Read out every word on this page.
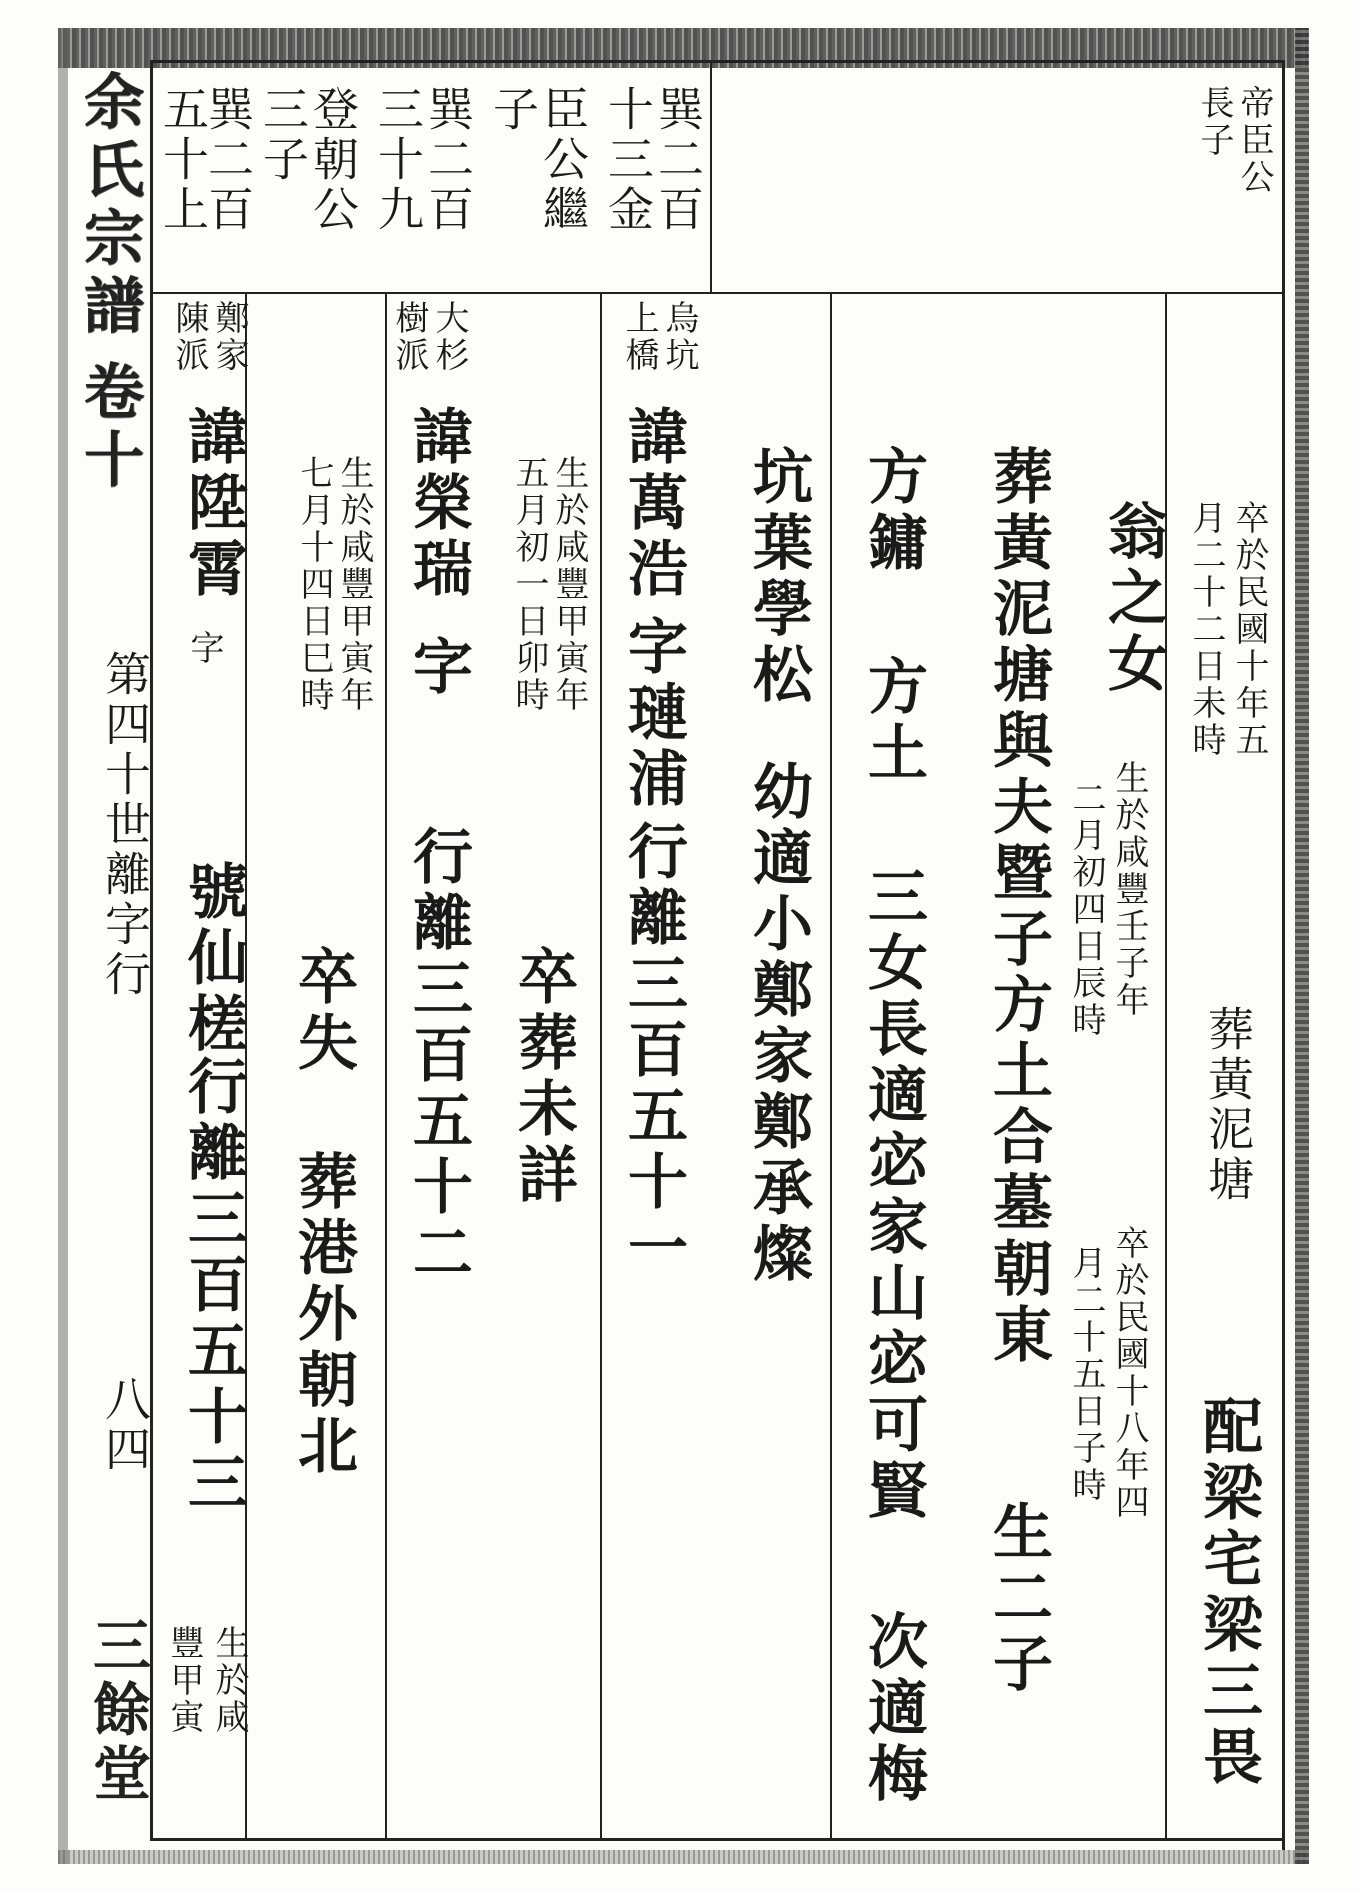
余氏宗譜
卷十
第四十世離字行
八四
三餘堂
帝臣公
長子
巽二百
十三金
臣公繼
子
巽二百
三十九
登朝公
三子
巽二百
五十上
卒於民國十年五
月二十二日未時
葬黃泥塘
配梁宅梁三畏
翁之女
生於咸豐壬子年
二月初四日辰時
卒於民國十八年四
月二十五日子時
葬黃泥塘與夫暨子方土合墓朝東
生二子
方鏞
方土
三女長適宓家山宓可賢
次適梅
坑葉學松
幼適小鄭家鄭承燦
烏坑
上橋
諱萬浩
字璉浦
行離三百五十一
生於咸豐甲寅年
五月初一日卯時
卒葬未詳
大杉
樹派
諱榮瑞
字
行離三百五十二
生於咸豐甲寅年
七月十四日巳時
卒失
葬港外朝北
鄭家
陳派
諱陞霄
字
號仙槎
行離三百五十三
生於咸
豐甲寅
